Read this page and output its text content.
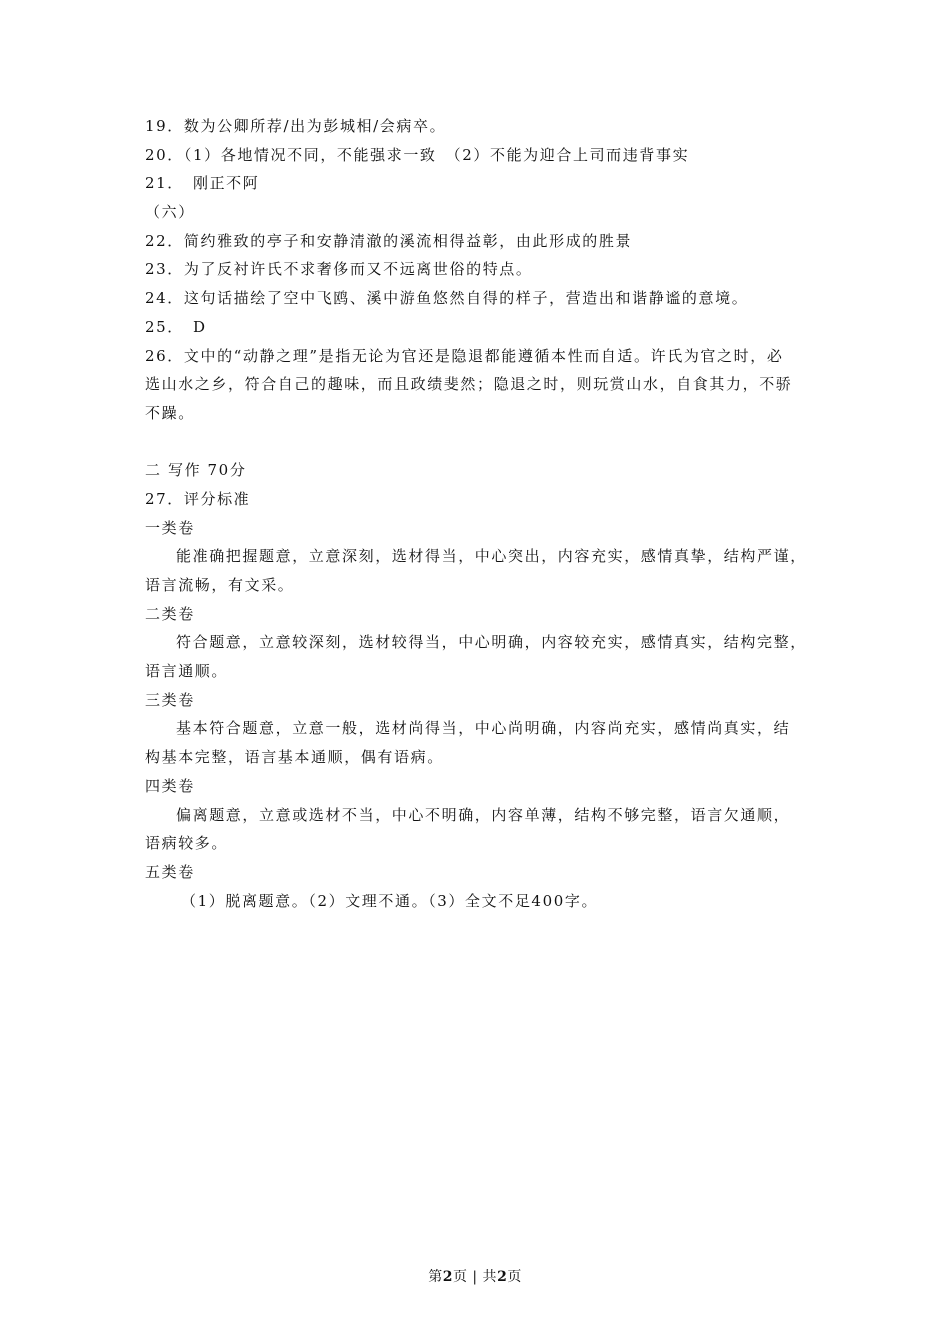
19．数为公卿所荐/出为彭城相/会病卒。
20．（1）各地情况不同，不能强求一致　（2）不能为迎合上司而违背事实
21．　刚正不阿
（六）
22．简约雅致的亭子和安静清澈的溪流相得益彰，由此形成的胜景
23．为了反衬许氏不求奢侈而又不远离世俗的特点。
24．这句话描绘了空中飞鸥、溪中游鱼悠然自得的样子，营造出和谐静谧的意境。
25．　D
26．文中的“动静之理”是指无论为官还是隐退都能遵循本性而自适。许氏为官之时，必
选山水之乡，符合自己的趣味，而且政绩斐然；隐退之时，则玩赏山水，自食其力，不骄
不躁。
二 写作 70分
27．评分标准
一类卷
能准确把握题意，立意深刻，选材得当，中心突出，内容充实，感情真挚，结构严谨，
语言流畅，有文采。
二类卷
符合题意，立意较深刻，选材较得当，中心明确，内容较充实，感情真实，结构完整，
语言通顺。
三类卷
基本符合题意，立意一般，选材尚得当，中心尚明确，内容尚充实，感情尚真实，结
构基本完整，语言基本通顺，偶有语病。
四类卷
偏离题意，立意或选材不当，中心不明确，内容单薄，结构不够完整，语言欠通顺，
语病较多。
五类卷
（1）脱离题意。（2）文理不通。（3）全文不足400字。
第2页 | 共2页
